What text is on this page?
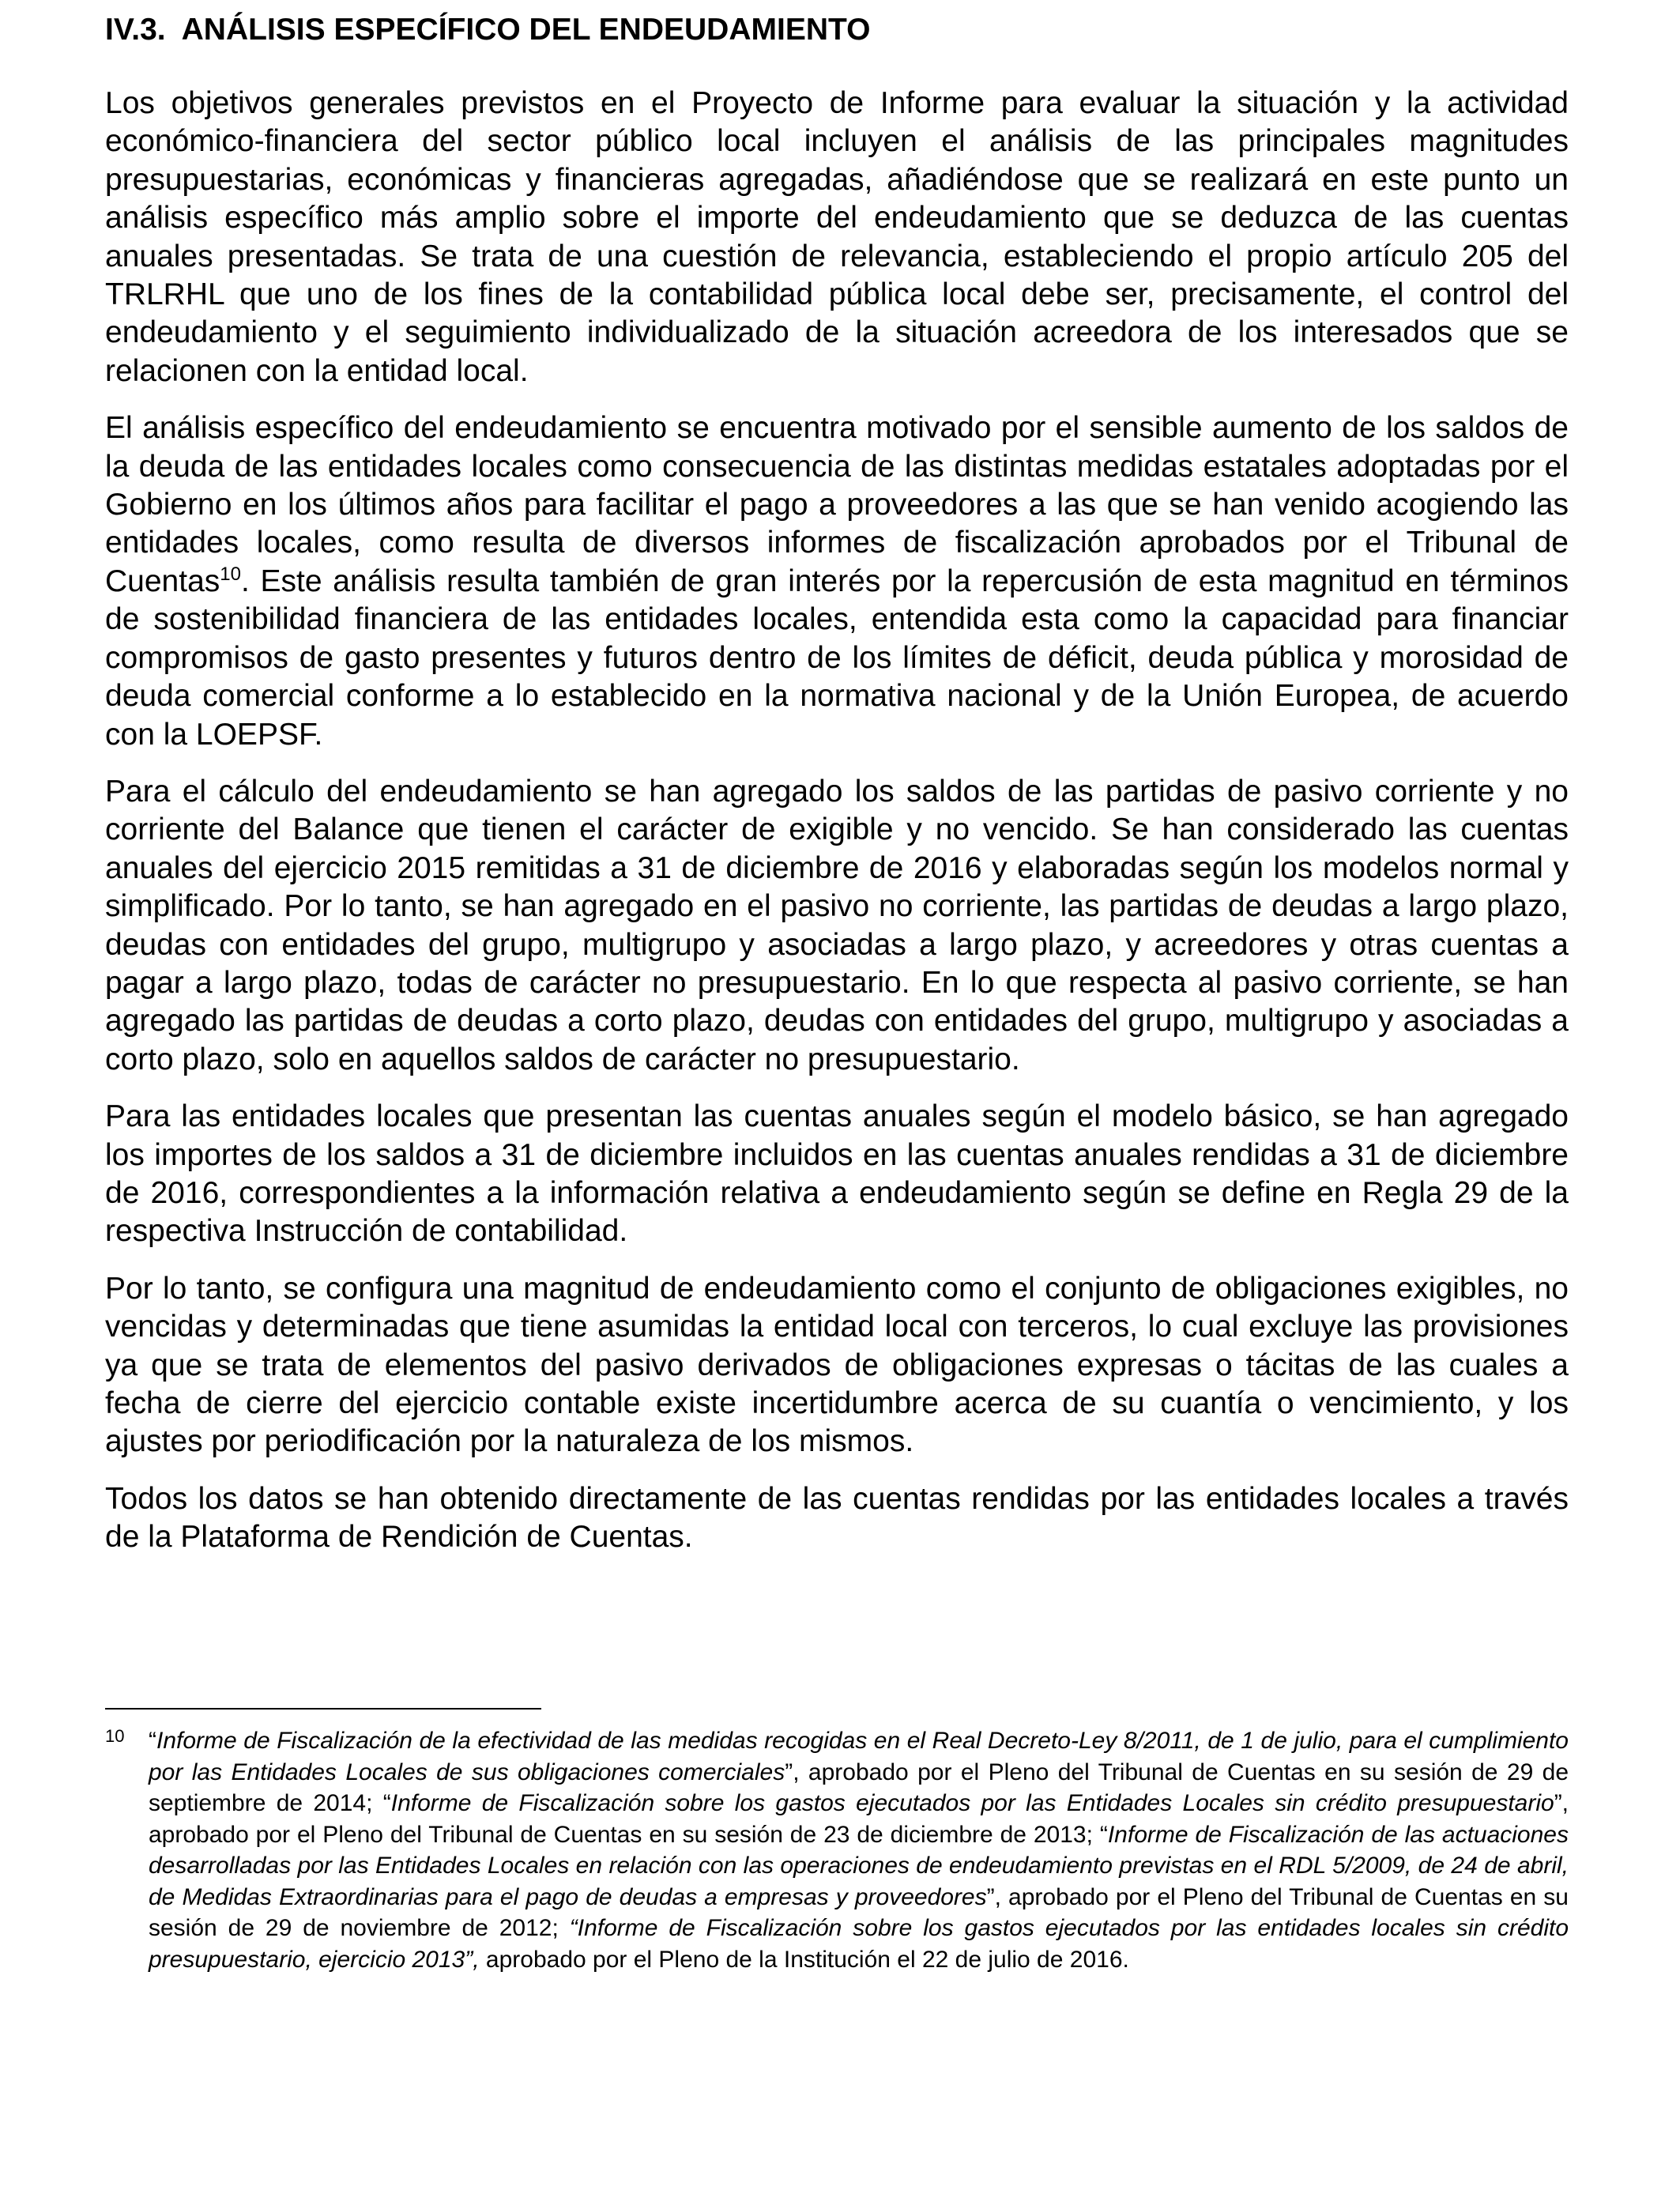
IV.3. ANÁLISIS ESPECÍFICO DEL ENDEUDAMIENTO

Los objetivos generales previstos en el Proyecto de Informe para evaluar la situación y la actividad económico-financiera del sector público local incluyen el análisis de las principales magnitudes presupuestarias, económicas y financieras agregadas, añadiéndose que se realizará en este punto un análisis específico más amplio sobre el importe del endeudamiento que se deduzca de las cuentas anuales presentadas. Se trata de una cuestión de relevancia, estableciendo el propio artículo 205 del TRLRHL que uno de los fines de la contabilidad pública local debe ser, precisamente, el control del endeudamiento y el seguimiento individualizado de la situación acreedora de los interesados que se relacionen con la entidad local.

El análisis específico del endeudamiento se encuentra motivado por el sensible aumento de los saldos de la deuda de las entidades locales como consecuencia de las distintas medidas estatales adoptadas por el Gobierno en los últimos años para facilitar el pago a proveedores a las que se han venido acogiendo las entidades locales, como resulta de diversos informes de fiscalización aprobados por el Tribunal de Cuentas$^{10}$. Este análisis resulta también de gran interés por la repercusión de esta magnitud en términos de sostenibilidad financiera de las entidades locales, entendida esta como la capacidad para financiar compromisos de gasto presentes y futuros dentro de los límites de déficit, deuda pública y morosidad de deuda comercial conforme a lo establecido en la normativa nacional y de la Unión Europea, de acuerdo con la LOEPSF.

Para el cálculo del endeudamiento se han agregado los saldos de las partidas de pasivo corriente y no corriente del Balance que tienen el carácter de exigible y no vencido. Se han considerado las cuentas anuales del ejercicio 2015 remitidas a 31 de diciembre de 2016 y elaboradas según los modelos normal y simplificado. Por lo tanto, se han agregado en el pasivo no corriente, las partidas de deudas a largo plazo, deudas con entidades del grupo, multigrupo y asociadas a largo plazo, y acreedores y otras cuentas a pagar a largo plazo, todas de carácter no presupuestario. En lo que respecta al pasivo corriente, se han agregado las partidas de deudas a corto plazo, deudas con entidades del grupo, multigrupo y asociadas a corto plazo, solo en aquellos saldos de carácter no presupuestario.

Para las entidades locales que presentan las cuentas anuales según el modelo básico, se han agregado los importes de los saldos a 31 de diciembre incluidos en las cuentas anuales rendidas a 31 de diciembre de 2016, correspondientes a la información relativa a endeudamiento según se define en Regla 29 de la respectiva Instrucción de contabilidad.

Por lo tanto, se configura una magnitud de endeudamiento como el conjunto de obligaciones exigibles, no vencidas y determinadas que tiene asumidas la entidad local con terceros, lo cual excluye las provisiones ya que se trata de elementos del pasivo derivados de obligaciones expresas o tácitas de las cuales a fecha de cierre del ejercicio contable existe incertidumbre acerca de su cuantía o vencimiento, y los ajustes por periodificación por la naturaleza de los mismos.

Todos los datos se han obtenido directamente de las cuentas rendidas por las entidades locales a través de la Plataforma de Rendición de Cuentas.

10	“Informe de Fiscalización de la efectividad de las medidas recogidas en el Real Decreto-Ley 8/2011, de 1 de julio, para el cumplimiento por las Entidades Locales de sus obligaciones comerciales”, aprobado por el Pleno del Tribunal de Cuentas en su sesión de 29 de septiembre de 2014; “Informe de Fiscalización sobre los gastos ejecutados por las Entidades Locales sin crédito presupuestario”, aprobado por el Pleno del Tribunal de Cuentas en su sesión de 23 de diciembre de 2013; “Informe de Fiscalización de las actuaciones desarrolladas por las Entidades Locales en relación con las operaciones de endeudamiento previstas en el RDL 5/2009, de 24 de abril, de Medidas Extraordinarias para el pago de deudas a empresas y proveedores”, aprobado por el Pleno del Tribunal de Cuentas en su sesión de 29 de noviembre de 2012; “Informe de Fiscalización sobre los gastos ejecutados por las entidades locales sin crédito presupuestario, ejercicio 2013”, aprobado por el Pleno de la Institución el 22 de julio de 2016.
